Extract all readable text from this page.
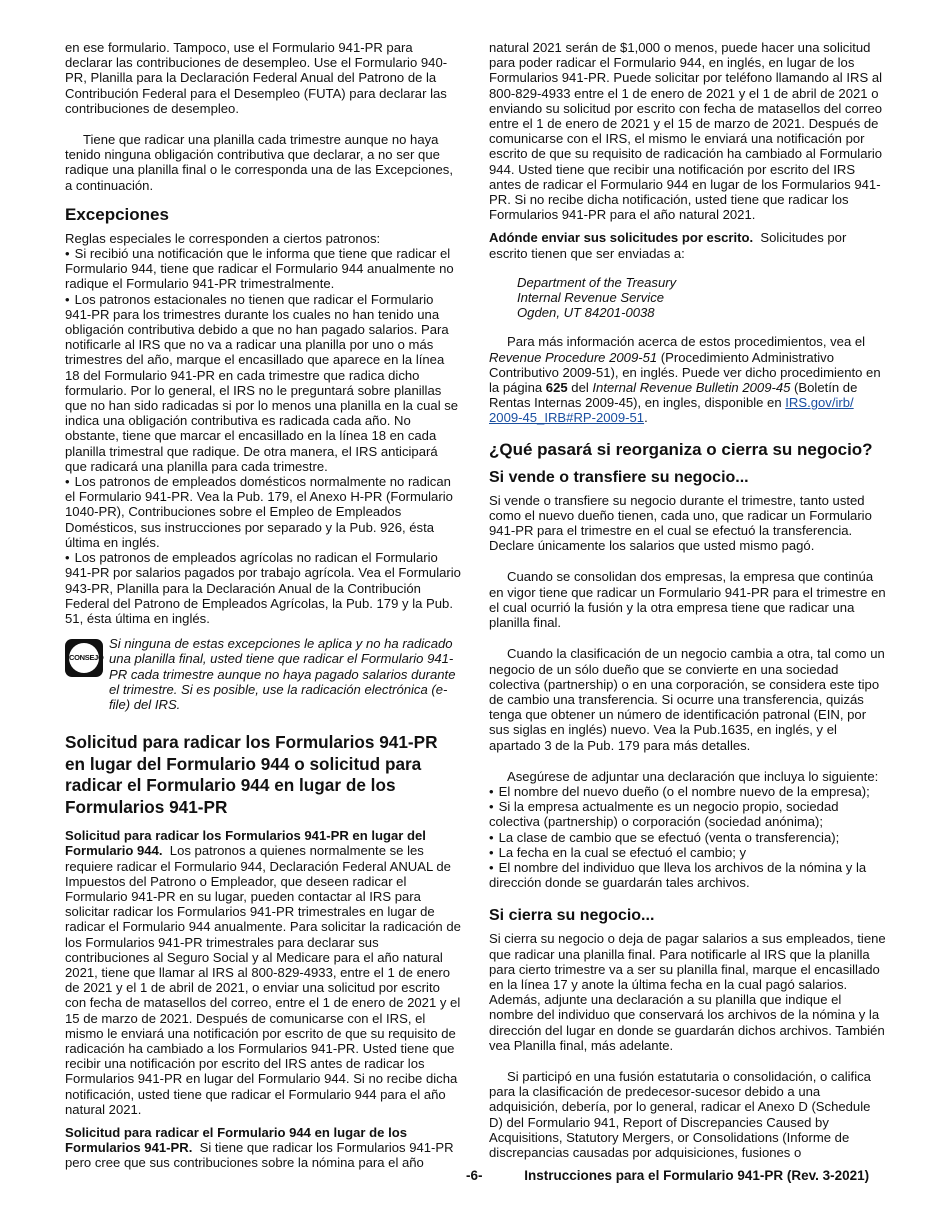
en ese formulario. Tampoco, use el Formulario 941-PR para declarar las contribuciones de desempleo. Use el Formulario 940-PR, Planilla para la Declaración Federal Anual del Patrono de la Contribución Federal para el Desempleo (FUTA) para declarar las contribuciones de desempleo.

Tiene que radicar una planilla cada trimestre aunque no haya tenido ninguna obligación contributiva que declarar, a no ser que radique una planilla final o le corresponda una de las Excepciones, a continuación.

Excepciones

Reglas especiales le corresponden a ciertos patronos:

• Si recibió una notificación que le informa que tiene que radicar el Formulario 944, tiene que radicar el Formulario 944 anualmente no radique el Formulario 941-PR trimestralmente.

• Los patronos estacionales no tienen que radicar el Formulario 941-PR para los trimestres durante los cuales no han tenido una obligación contributiva debido a que no han pagado salarios. Para notificarle al IRS que no va a radicar una planilla por uno o más trimestres del año, marque el encasillado que aparece en la línea 18 del Formulario 941-PR en cada trimestre que radica dicho formulario. Por lo general, el IRS no le preguntará sobre planillas que no han sido radicadas si por lo menos una planilla en la cual se indica una obligación contributiva es radicada cada año. No obstante, tiene que marcar el encasillado en la línea 18 en cada planilla trimestral que radique. De otra manera, el IRS anticipará que radicará una planilla para cada trimestre.

• Los patronos de empleados domésticos normalmente no radican el Formulario 941-PR. Vea la Pub. 179, el Anexo H-PR (Formulario 1040-PR), Contribuciones sobre el Empleo de Empleados Domésticos, sus instrucciones por separado y la Pub. 926, ésta última en inglés.

• Los patronos de empleados agrícolas no radican el Formulario 941-PR por salarios pagados por trabajo agrícola. Vea el Formulario 943-PR, Planilla para la Declaración Anual de la Contribución Federal del Patrono de Empleados Agrícolas, la Pub. 179 y la Pub. 51, ésta última en inglés.

CONSEJO
Si ninguna de estas excepciones le aplica y no ha radicado una planilla final, usted tiene que radicar el Formulario 941-PR cada trimestre aunque no haya pagado salarios durante el trimestre. Si es posible, use la radicación electrónica (e-file) del IRS.
Solicitud para radicar los Formularios 941-PR en lugar del Formulario 944 o solicitud para radicar el Formulario 944 en lugar de los Formularios 941-PR

Solicitud para radicar los Formularios 941-PR en lugar del Formulario 944. Los patronos a quienes normalmente se les requiere radicar el Formulario 944, Declaración Federal ANUAL de Impuestos del Patrono o Empleador, que deseen radicar el Formulario 941-PR en su lugar, pueden contactar al IRS para solicitar radicar los Formularios 941-PR trimestrales en lugar de radicar el Formulario 944 anualmente. Para solicitar la radicación de los Formularios 941-PR trimestrales para declarar sus contribuciones al Seguro Social y al Medicare para el año natural 2021, tiene que llamar al IRS al 800-829-4933, entre el 1 de enero de 2021 y el 1 de abril de 2021, o enviar una solicitud por escrito con fecha de matasellos del correo, entre el 1 de enero de 2021 y el 15 de marzo de 2021. Después de comunicarse con el IRS, el mismo le enviará una notificación por escrito de que su requisito de radicación ha cambiado a los Formularios 941-PR. Usted tiene que recibir una notificación por escrito del IRS antes de radicar los Formularios 941-PR en lugar del Formulario 944. Si no recibe dicha notificación, usted tiene que radicar el Formulario 944 para el año natural 2021.

Solicitud para radicar el Formulario 944 en lugar de los Formularios 941-PR. Si tiene que radicar los Formularios 941-PR pero cree que sus contribuciones sobre la nómina para el año

natural 2021 serán de $1,000 o menos, puede hacer una solicitud para poder radicar el Formulario 944, en inglés, en lugar de los Formularios 941-PR. Puede solicitar por teléfono llamando al IRS al 800-829-4933 entre el 1 de enero de 2021 y el 1 de abril de 2021 o enviando su solicitud por escrito con fecha de matasellos del correo entre el 1 de enero de 2021 y el 15 de marzo de 2021. Después de comunicarse con el IRS, el mismo le enviará una notificación por escrito de que su requisito de radicación ha cambiado al Formulario 944. Usted tiene que recibir una notificación por escrito del IRS antes de radicar el Formulario 944 en lugar de los Formularios 941-PR. Si no recibe dicha notificación, usted tiene que radicar los Formularios 941-PR para el año natural 2021.

Adónde enviar sus solicitudes por escrito. Solicitudes por escrito tienen que ser enviadas a:

Department of the Treasury
Internal Revenue Service
Ogden, UT 84201-0038

Para más información acerca de estos procedimientos, vea el Revenue Procedure 2009-51 (Procedimiento Administrativo Contributivo 2009-51), en inglés. Puede ver dicho procedimiento en la página 625 del Internal Revenue Bulletin 2009-45 (Boletín de Rentas Internas 2009-45), en ingles, disponible en IRS.gov/irb/
2009-45_IRB#RP-2009-51.

¿Qué pasará si reorganiza o cierra su negocio?
Si vende o transfiere su negocio...

Si vende o transfiere su negocio durante el trimestre, tanto usted como el nuevo dueño tienen, cada uno, que radicar un Formulario 941-PR para el trimestre en el cual se efectuó la transferencia. Declare únicamente los salarios que usted mismo pagó.

Cuando se consolidan dos empresas, la empresa que continúa en vigor tiene que radicar un Formulario 941-PR para el trimestre en el cual ocurrió la fusión y la otra empresa tiene que radicar una planilla final.

Cuando la clasificación de un negocio cambia a otra, tal como un negocio de un sólo dueño que se convierte en una sociedad colectiva (partnership) o en una corporación, se considera este tipo de cambio una transferencia. Si ocurre una transferencia, quizás tenga que obtener un número de identificación patronal (EIN, por sus siglas en inglés) nuevo. Vea la Pub.1635, en inglés, y el apartado 3 de la Pub. 179 para más detalles.

Asegúrese de adjuntar una declaración que incluya lo siguiente:

• El nombre del nuevo dueño (o el nombre nuevo de la empresa);

• Si la empresa actualmente es un negocio propio, sociedad colectiva (partnership) o corporación (sociedad anónima);

• La clase de cambio que se efectuó (venta o transferencia);

• La fecha en la cual se efectuó el cambio; y

• El nombre del individuo que lleva los archivos de la nómina y la dirección donde se guardarán tales archivos.

Si cierra su negocio...

Si cierra su negocio o deja de pagar salarios a sus empleados, tiene que radicar una planilla final. Para notificarle al IRS que la planilla para cierto trimestre va a ser su planilla final, marque el encasillado en la línea 17 y anote la última fecha en la cual pagó salarios. Además, adjunte una declaración a su planilla que indique el nombre del individuo que conservará los archivos de la nómina y la dirección del lugar en donde se guardarán dichos archivos. También vea Planilla final, más adelante.

Si participó en una fusión estatutaria o consolidación, o califica para la clasificación de predecesor-sucesor debido a una adquisición, debería, por lo general, radicar el Anexo D (Schedule D) del Formulario 941, Report of Discrepancies Caused by Acquisitions, Statutory Mergers, or Consolidations (Informe de discrepancias causadas por adquisiciones, fusiones o

-6-	Instrucciones para el Formulario 941-PR (Rev. 3-2021)
